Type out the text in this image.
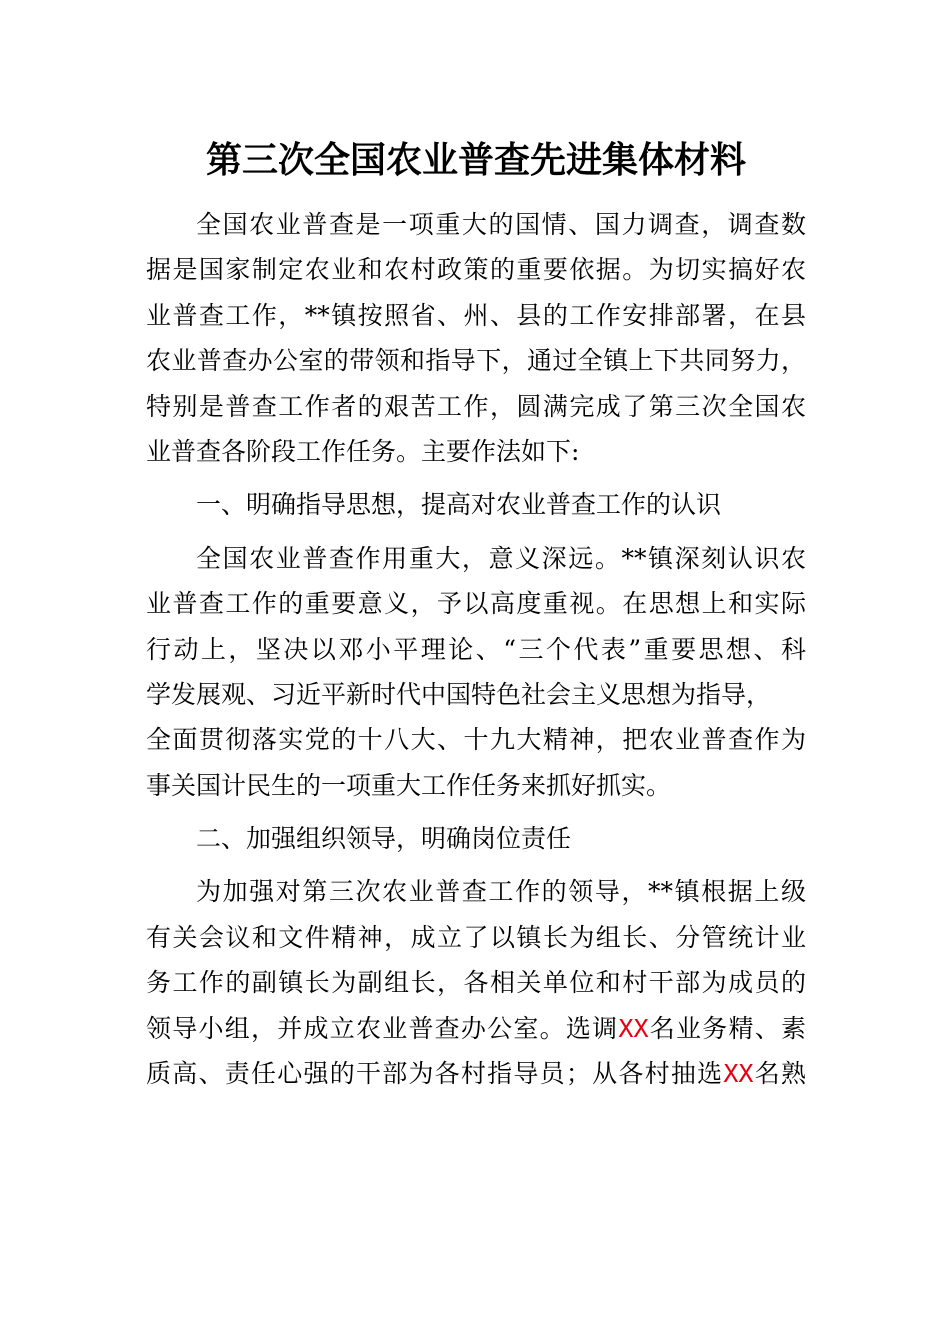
第三次全国农业普查先进集体材料
全国农业普查是一项重大的国情、国力调查，调查数
据是国家制定农业和农村政策的重要依据。为切实搞好农
业普查工作，**镇按照省、州、县的工作安排部署，在县
农业普查办公室的带领和指导下，通过全镇上下共同努力，
特别是普查工作者的艰苦工作，圆满完成了第三次全国农
业普查各阶段工作任务。主要作法如下:
一、明确指导思想，提高对农业普查工作的认识
全国农业普查作用重大，意义深远。**镇深刻认识农
业普查工作的重要意义，予以高度重视。在思想上和实际
行动上，坚决以邓小平理论、“三个代表”重要思想、科
学发展观、习近平新时代中国特色社会主义思想为指导，
全面贯彻落实党的十八大、十九大精神，把农业普查作为
事关国计民生的一项重大工作任务来抓好抓实。
二、加强组织领导，明确岗位责任
为加强对第三次农业普查工作的领导，**镇根据上级
有关会议和文件精神，成立了以镇长为组长、分管统计业
务工作的副镇长为副组长，各相关单位和村干部为成员的
领导小组，并成立农业普查办公室。选调XX名业务精、素
质高、责任心强的干部为各村指导员；从各村抽选XX名熟
